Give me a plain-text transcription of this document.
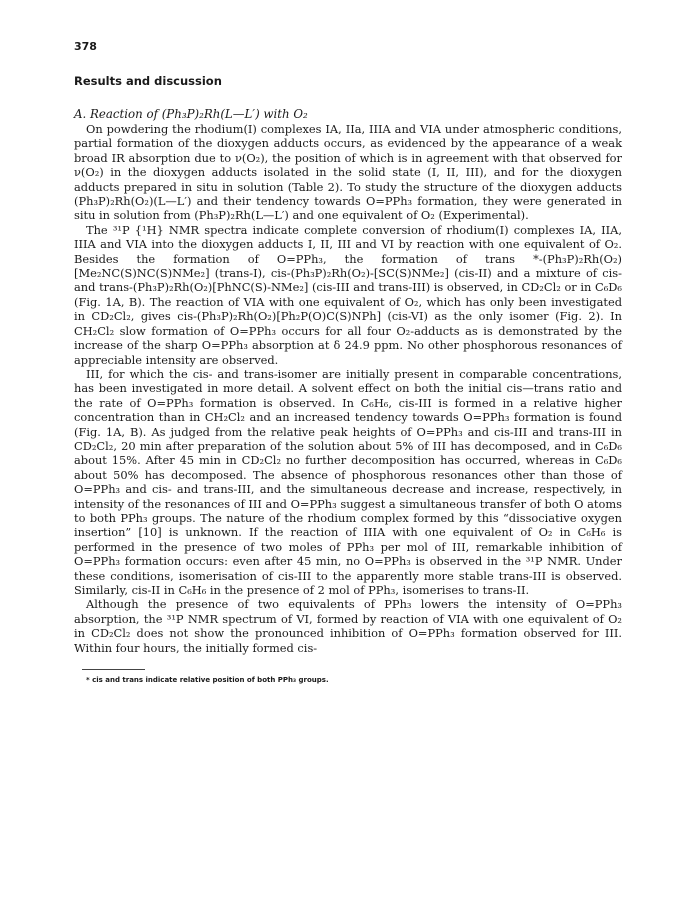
378
Results and discussion
A. Reaction of (Ph₃P)₂Rh(L—L′) with O₂

On powdering the rhodium(I) complexes IA, IIa, IIIA and VIA under atmospheric conditions, partial formation of the dioxygen adducts occurs, as evidenced by the appearance of a weak broad IR absorption due to ν(O₂), the position of which is in agreement with that observed for ν(O₂) in the dioxygen adducts isolated in the solid state (I, II, III), and for the dioxygen adducts prepared in situ in solution (Table 2). To study the structure of the dioxygen adducts (Ph₃P)₂Rh(O₂)(L—L′) and their tendency towards O=PPh₃ formation, they were generated in situ in solution from (Ph₃P)₂Rh(L—L′) and one equivalent of O₂ (Experimental).

The ³¹P {¹H} NMR spectra indicate complete conversion of rhodium(I) complexes IA, IIA, IIIA and VIA into the dioxygen adducts I, II, III and VI by reaction with one equivalent of O₂. Besides the formation of O=PPh₃, the formation of trans *-(Ph₃P)₂Rh(O₂)[Me₂NC(S)NC(S)NMe₂] (trans-I), cis-(Ph₃P)₂Rh(O₂)-[SC(S)NMe₂] (cis-II) and a mixture of cis- and trans-(Ph₃P)₂Rh(O₂)[PhNC(S)-NMe₂] (cis-III and trans-III) is observed, in CD₂Cl₂ or in C₆D₆ (Fig. 1A, B). The reaction of VIA with one equivalent of O₂, which has only been investigated in CD₂Cl₂, gives cis-(Ph₃P)₂Rh(O₂)[Ph₂P(O)C(S)NPh] (cis-VI) as the only isomer (Fig. 2). In CH₂Cl₂ slow formation of O=PPh₃ occurs for all four O₂-adducts as is demonstrated by the increase of the sharp O=PPh₃ absorption at δ 24.9 ppm. No other phosphorous resonances of appreciable intensity are observed.

III, for which the cis- and trans-isomer are initially present in comparable concentrations, has been investigated in more detail. A solvent effect on both the initial cis—trans ratio and the rate of O=PPh₃ formation is observed. In C₆H₆, cis-III is formed in a relative higher concentration than in CH₂Cl₂ and an increased tendency towards O=PPh₃ formation is found (Fig. 1A, B). As judged from the relative peak heights of O=PPh₃ and cis-III and trans-III in CD₂Cl₂, 20 min after preparation of the solution about 5% of III has decomposed, and in C₆D₆ about 15%. After 45 min in CD₂Cl₂ no further decomposition has occurred, whereas in C₆D₆ about 50% has decomposed. The absence of phosphorous resonances other than those of O=PPh₃ and cis- and trans-III, and the simultaneous decrease and increase, respectively, in intensity of the resonances of III and O=PPh₃ suggest a simultaneous transfer of both O atoms to both PPh₃ groups. The nature of the rhodium complex formed by this “dissociative oxygen insertion” [10] is unknown. If the reaction of IIIA with one equivalent of O₂ in C₆H₆ is performed in the presence of two moles of PPh₃ per mol of III, remarkable inhibition of O=PPh₃ formation occurs: even after 45 min, no O=PPh₃ is observed in the ³¹P NMR. Under these conditions, isomerisation of cis-III to the apparently more stable trans-III is observed. Similarly, cis-II in C₆H₆ in the presence of 2 mol of PPh₃, isomerises to trans-II.

Although the presence of two equivalents of PPh₃ lowers the intensity of O=PPh₃ absorption, the ³¹P NMR spectrum of VI, formed by reaction of VIA with one equivalent of O₂ in CD₂Cl₂ does not show the pronounced inhibition of O=PPh₃ formation observed for III. Within four hours, the initially formed cis-

* cis and trans indicate relative position of both PPh₃ groups.
